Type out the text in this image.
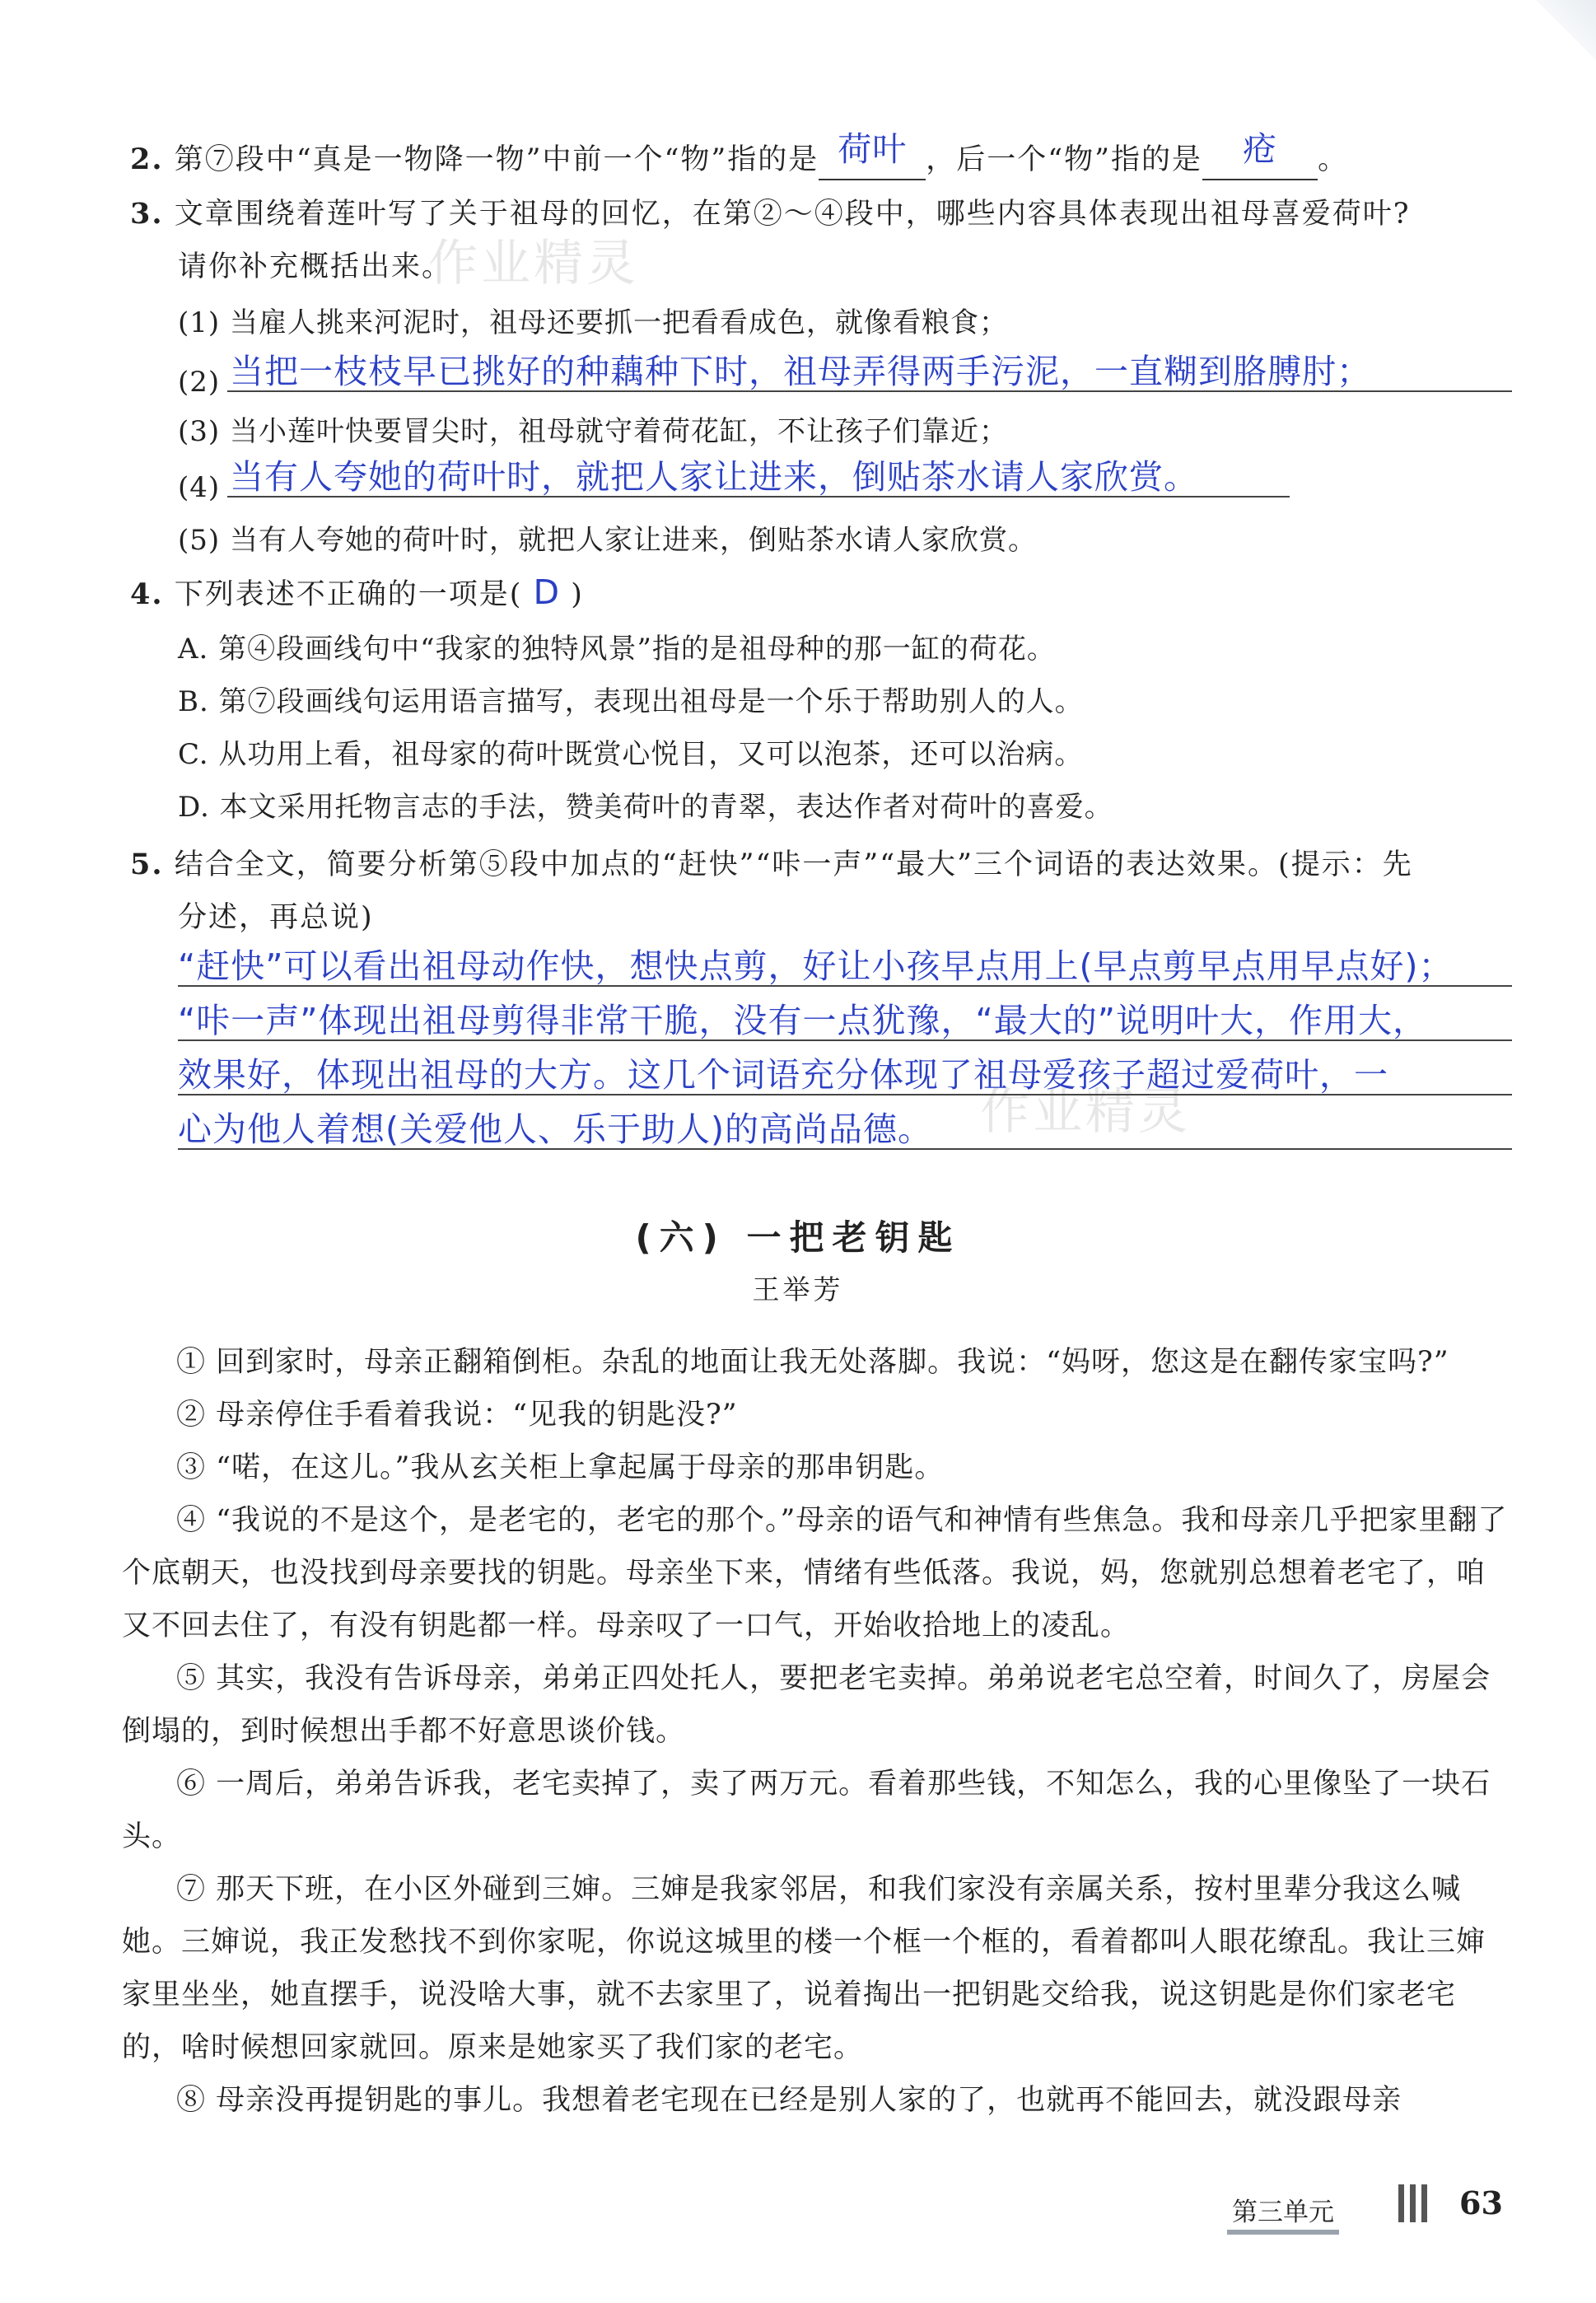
作业精灵
作业精灵
2. 第⑦段中“真是一物降一物”中前一个“物”指的是 荷叶 ，后一个“物”指的是 疮 。
3. 文章围绕着莲叶写了关于祖母的回忆，在第②～④段中，哪些内容具体表现出祖母喜爱荷叶?
请你补充概括出来。
(1) 当雇人挑来河泥时，祖母还要抓一把看看成色，就像看粮食；
(2) 当把一枝枝早已挑好的种藕种下时，祖母弄得两手污泥，一直糊到胳膊肘；
(3) 当小莲叶快要冒尖时，祖母就守着荷花缸，不让孩子们靠近；
(4) 当有人夸她的荷叶时，就把人家让进来，倒贴茶水请人家欣赏。
(5) 当有人夸她的荷叶时，就把人家让进来，倒贴茶水请人家欣赏。
4. 下列表述不正确的一项是( D )
A. 第④段画线句中“我家的独特风景”指的是祖母种的那一缸的荷花。
B. 第⑦段画线句运用语言描写，表现出祖母是一个乐于帮助别人的人。
C. 从功用上看，祖母家的荷叶既赏心悦目，又可以泡茶，还可以治病。
D. 本文采用托物言志的手法，赞美荷叶的青翠，表达作者对荷叶的喜爱。
5. 结合全文，简要分析第⑤段中加点的“赶快”“咔一声”“最大”三个词语的表达效果。(提示：先
分述，再总说)
“赶快”可以看出祖母动作快，想快点剪，好让小孩早点用上(早点剪早点用早点好)；
“咔一声”体现出祖母剪得非常干脆，没有一点犹豫，“最大的”说明叶大，作用大，
效果好，体现出祖母的大方。这几个词语充分体现了祖母爱孩子超过爱荷叶，一
心为他人着想(关爱他人、乐于助人)的高尚品德。
(六) 一把老钥匙
王举芳
① 回到家时，母亲正翻箱倒柜。杂乱的地面让我无处落脚。我说：“妈呀，您这是在翻传家宝吗?”
② 母亲停住手看着我说：“见我的钥匙没?”
③ “喏，在这儿。”我从玄关柜上拿起属于母亲的那串钥匙。
④ “我说的不是这个，是老宅的，老宅的那个。”母亲的语气和神情有些焦急。我和母亲几乎把家里翻了个底朝天，也没找到母亲要找的钥匙。母亲坐下来，情绪有些低落。我说，妈，您就别总想着老宅了，咱又不回去住了，有没有钥匙都一样。母亲叹了一口气，开始收拾地上的凌乱。
⑤ 其实，我没有告诉母亲，弟弟正四处托人，要把老宅卖掉。弟弟说老宅总空着，时间久了，房屋会倒塌的，到时候想出手都不好意思谈价钱。
⑥ 一周后，弟弟告诉我，老宅卖掉了，卖了两万元。看着那些钱，不知怎么，我的心里像坠了一块石头。
⑦ 那天下班，在小区外碰到三婶。三婶是我家邻居，和我们家没有亲属关系，按村里辈分我这么喊她。三婶说，我正发愁找不到你家呢，你说这城里的楼一个框一个框的，看着都叫人眼花缭乱。我让三婶家里坐坐，她直摆手，说没啥大事，就不去家里了，说着掏出一把钥匙交给我，说这钥匙是你们家老宅的，啥时候想回家就回。原来是她家买了我们家的老宅。
⑧ 母亲没再提钥匙的事儿。我想着老宅现在已经是别人家的了，也就再不能回去，就没跟母亲
第三单元	63
